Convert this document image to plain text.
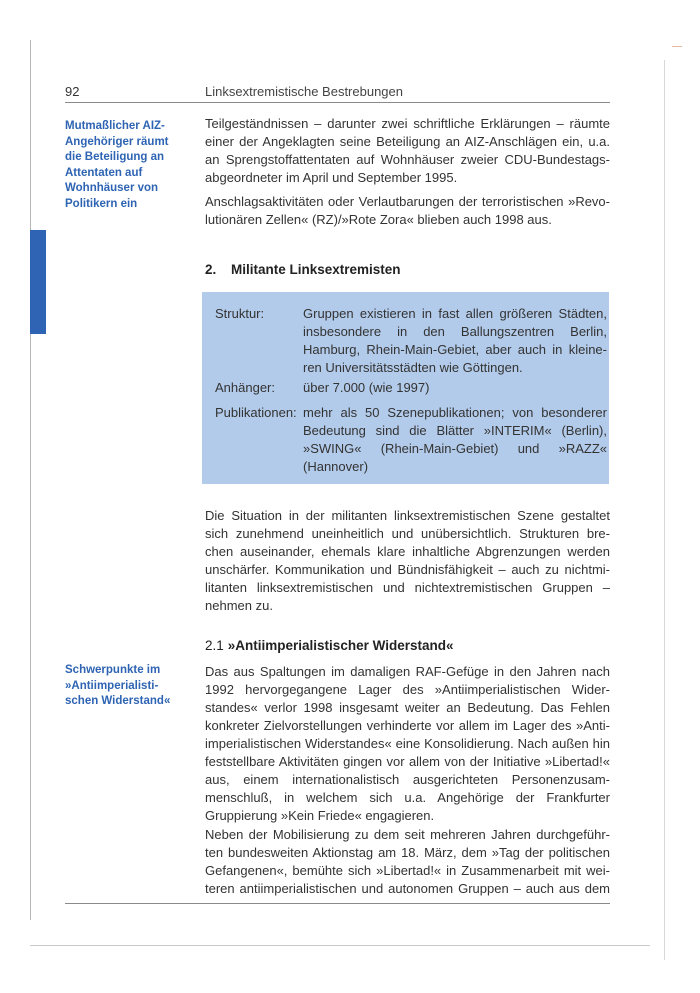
92	Linksextremistische Bestrebungen
Mutmaßlicher AIZ-
Angehöriger räumt
die Beteiligung an
Attentaten auf
Wohnhäuser von
Politikern ein
Teilgeständnissen – darunter zwei schriftliche Erklärungen – räumte
einer der Angeklagten seine Beteiligung an AIZ-Anschlägen ein, u.a.
an Sprengstoffattentaten auf Wohnhäuser zweier CDU-Bundestags-
abgeordneter im April und September 1995.
Anschlagsaktivitäten oder Verlautbarungen der terroristischen »Revo-
lutionären Zellen« (RZ)/»Rote Zora« blieben auch 1998 aus.
2. Militante Linksextremisten
Struktur:	Gruppen existieren in fast allen größeren Städten,
insbesondere in den Ballungszentren Berlin,
Hamburg, Rhein-Main-Gebiet, aber auch in kleine-
ren Universitätsstädten wie Göttingen.
Anhänger: über 7.000 (wie 1997)
Publikationen: mehr als 50 Szenepublikationen; von besonderer
Bedeutung sind die Blätter »INTERIM« (Berlin),
»SWING« (Rhein-Main-Gebiet) und »RAZZ«
(Hannover)
Die Situation in der militanten linksextremistischen Szene gestaltet
sich zunehmend uneinheitlich und unübersichtlich. Strukturen bre-
chen auseinander, ehemals klare inhaltliche Abgrenzungen werden
unschärfer. Kommunikation und Bündnisfähigkeit – auch zu nichtmi-
litanten linksextremistischen und nichtextremistischen Gruppen –
nehmen zu.
2.1 »Antiimperialistischer Widerstand«
Schwerpunkte im
»Antiimperialisti-
schen Widerstand«
Das aus Spaltungen im damaligen RAF-Gefüge in den Jahren nach
1992 hervorgegangene Lager des »Antiimperialistischen Wider-
standes« verlor 1998 insgesamt weiter an Bedeutung. Das Fehlen
konkreter Zielvorstellungen verhinderte vor allem im Lager des »Anti-
imperialistischen Widerstandes« eine Konsolidierung. Nach außen hin
feststellbare Aktivitäten gingen vor allem von der Initiative »Libertad!«
aus, einem internationalistisch ausgerichteten Personenzusam-
menschluß, in welchem sich u.a. Angehörige der Frankfurter
Gruppierung »Kein Friede« engagieren.
Neben der Mobilisierung zu dem seit mehreren Jahren durchgeführ-
ten bundesweiten Aktionstag am 18. März, dem »Tag der politischen
Gefangenen«, bemühte sich »Libertad!« in Zusammenarbeit mit wei-
teren antiimperialistischen und autonomen Gruppen – auch aus dem
